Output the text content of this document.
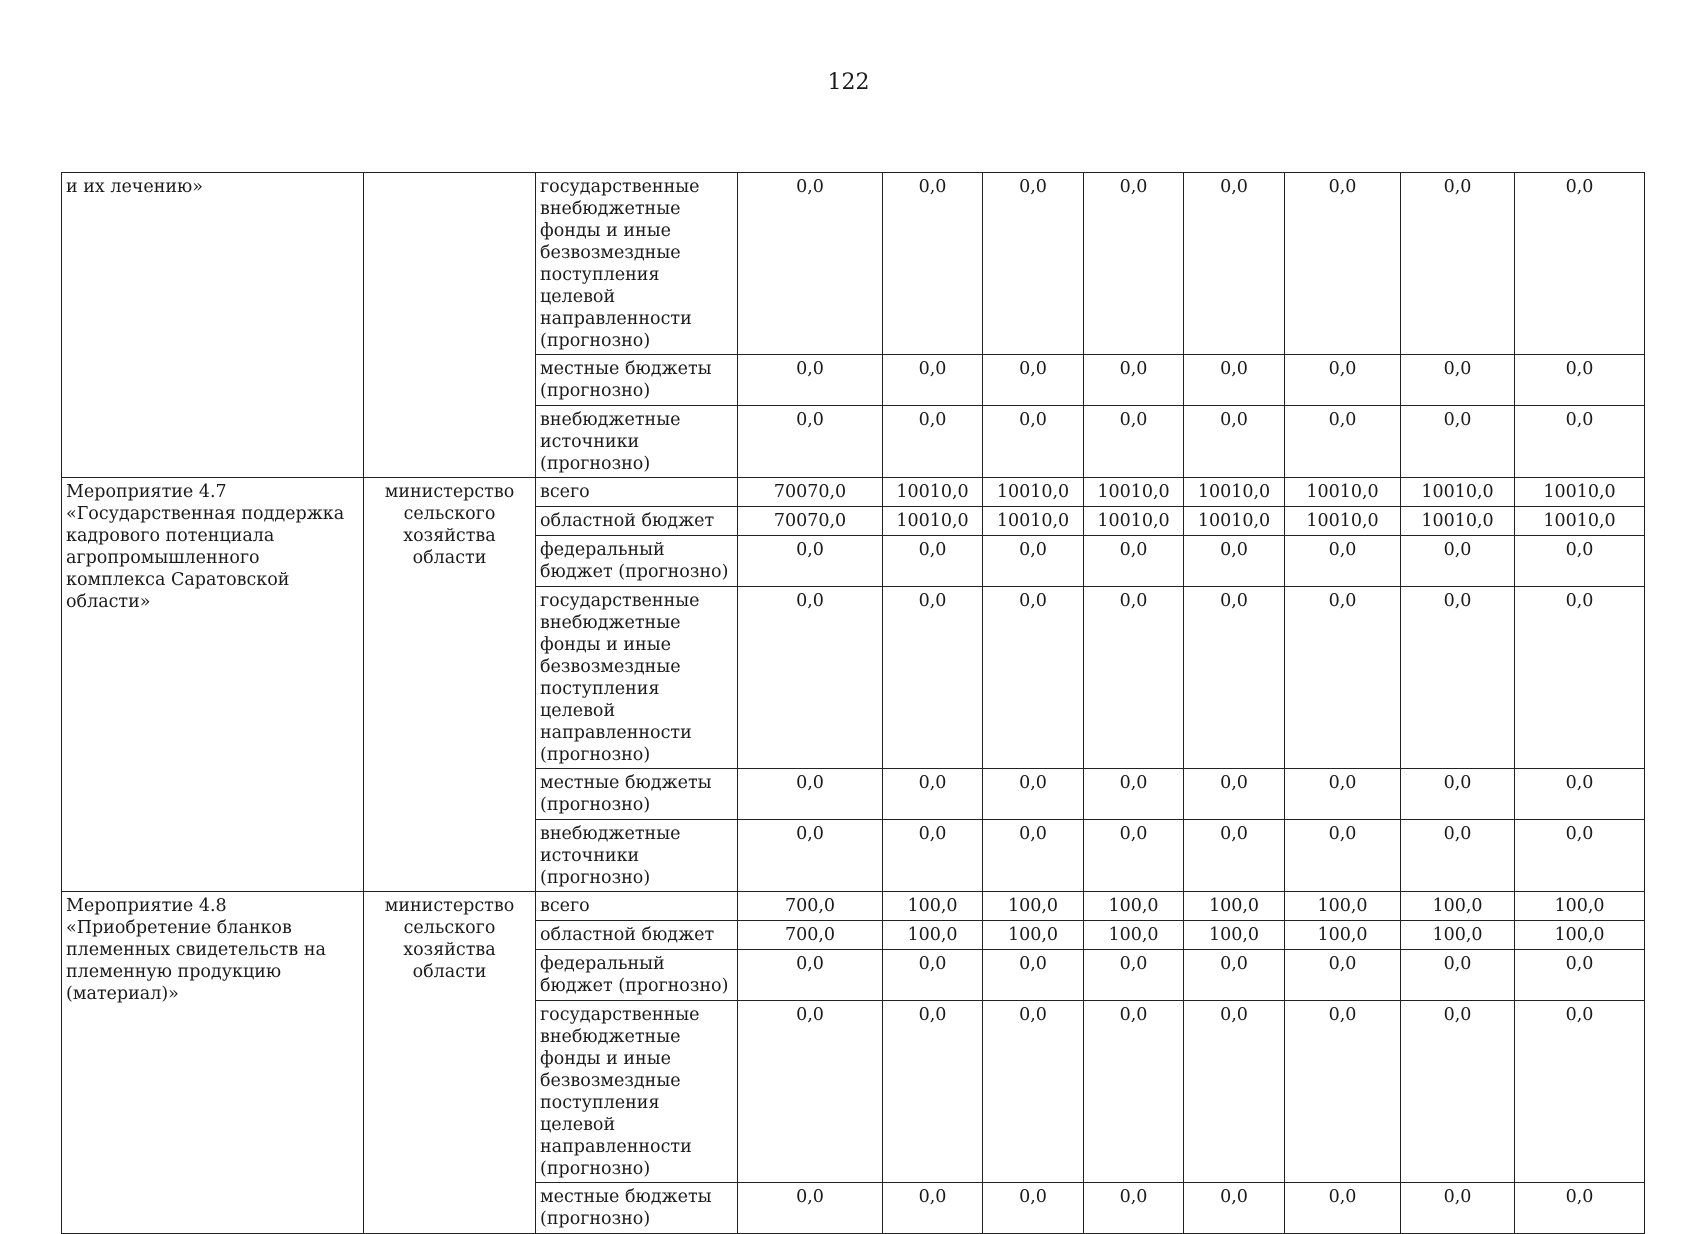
122
и их лечению»		государственные внебюджетные фонды и иные безвозмездные поступления целевой направленности (прогнозно)	0,0	0,0	0,0	0,0	0,0	0,0	0,0	0,0
		местные бюджеты (прогнозно)	0,0	0,0	0,0	0,0	0,0	0,0	0,0	0,0
		внебюджетные источники (прогнозно)	0,0	0,0	0,0	0,0	0,0	0,0	0,0	0,0
Мероприятие 4.7 «Государственная поддержка кадрового потенциала агропромышленного комплекса Саратовской области»	министерство сельского хозяйства области	всего	70070,0	10010,0	10010,0	10010,0	10010,0	10010,0	10010,0	10010,0
		областной бюджет	70070,0	10010,0	10010,0	10010,0	10010,0	10010,0	10010,0	10010,0
		федеральный бюджет (прогнозно)	0,0	0,0	0,0	0,0	0,0	0,0	0,0	0,0
		государственные внебюджетные фонды и иные безвозмездные поступления целевой направленности (прогнозно)	0,0	0,0	0,0	0,0	0,0	0,0	0,0	0,0
		местные бюджеты (прогнозно)	0,0	0,0	0,0	0,0	0,0	0,0	0,0	0,0
		внебюджетные источники (прогнозно)	0,0	0,0	0,0	0,0	0,0	0,0	0,0	0,0
Мероприятие 4.8 «Приобретение бланков племенных свидетельств на племенную продукцию (материал)»	министерство сельского хозяйства области	всего	700,0	100,0	100,0	100,0	100,0	100,0	100,0	100,0
		областной бюджет	700,0	100,0	100,0	100,0	100,0	100,0	100,0	100,0
		федеральный бюджет (прогнозно)	0,0	0,0	0,0	0,0	0,0	0,0	0,0	0,0
		государственные внебюджетные фонды и иные безвозмездные поступления целевой направленности (прогнозно)	0,0	0,0	0,0	0,0	0,0	0,0	0,0	0,0
		местные бюджеты (прогнозно)	0,0	0,0	0,0	0,0	0,0	0,0	0,0	0,0
